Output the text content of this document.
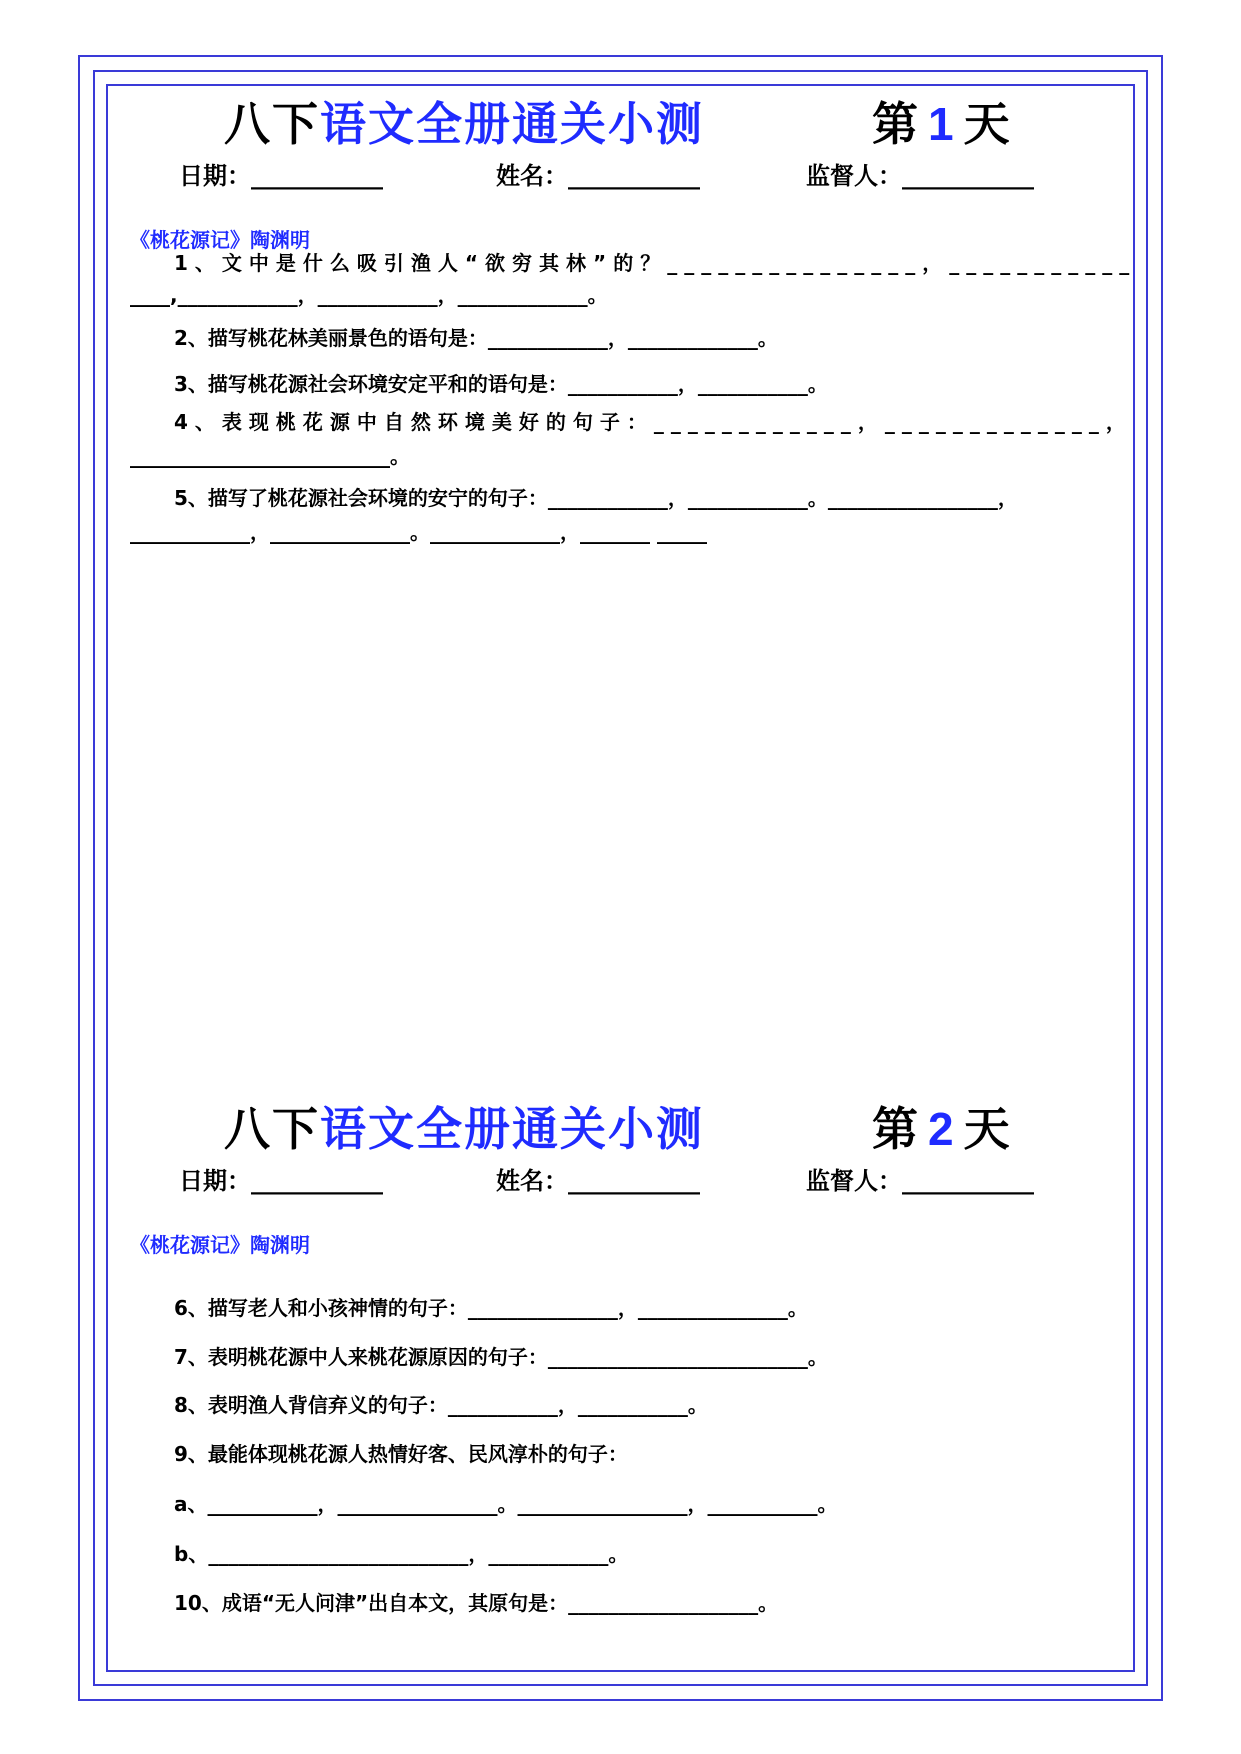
八下语文全册通关小测	第 1 天
日期：___________	姓名：___________	监督人：___________
《桃花源记》陶渊明
1、文中是什么吸引渔人“欲穷其林”的？_______________，___________
____,____________，____________，_____________。
2、描写桃花林美丽景色的语句是：____________，_____________。
3、描写桃花源社会环境安定平和的语句是：___________，___________。
4、表现桃花源中自然环境美好的句子：____________，_____________，
__________________________。
5、描写了桃花源社会环境的安宁的句子：____________，____________。_________________，
____________，______________。_____________，_______ _____
八下语文全册通关小测	第 2 天
日期：___________	姓名：___________	监督人：___________
《桃花源记》陶渊明
6、描写老人和小孩神情的句子：_______________，_______________。
7、表明桃花源中人来桃花源原因的句子：__________________________。
8、表明渔人背信弃义的句子：___________，___________。
9、最能体现桃花源人热情好客、民风淳朴的句子：
a、___________，________________。_________________，___________。
b、__________________________，____________。
10、成语“无人问津”出自本文，其原句是：___________________。
